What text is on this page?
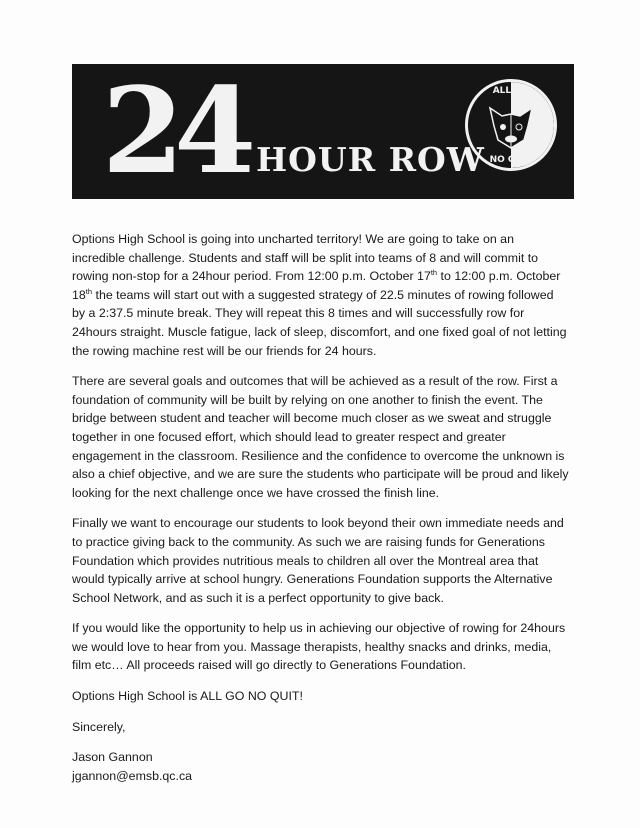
24 HOUR ROW
ALL GO
NO QUIT

Options High School is going into uncharted territory! We are going to take on an incredible challenge. Students and staff will be split into teams of 8 and will commit to rowing non-stop for a 24hour period. From 12:00 p.m. October 17th to 12:00 p.m. October 18th the teams will start out with a suggested strategy of 22.5 minutes of rowing followed by a 2:37.5 minute break. They will repeat this 8 times and will successfully row for 24hours straight. Muscle fatigue, lack of sleep, discomfort, and one fixed goal of not letting the rowing machine rest will be our friends for 24 hours.

There are several goals and outcomes that will be achieved as a result of the row. First a foundation of community will be built by relying on one another to finish the event. The bridge between student and teacher will become much closer as we sweat and struggle together in one focused effort, which should lead to greater respect and greater engagement in the classroom. Resilience and the confidence to overcome the unknown is also a chief objective, and we are sure the students who participate will be proud and likely looking for the next challenge once we have crossed the finish line.

Finally we want to encourage our students to look beyond their own immediate needs and to practice giving back to the community. As such we are raising funds for Generations Foundation which provides nutritious meals to children all over the Montreal area that would typically arrive at school hungry. Generations Foundation supports the Alternative School Network, and as such it is a perfect opportunity to give back.

If you would like the opportunity to help us in achieving our objective of rowing for 24hours we would love to hear from you. Massage therapists, healthy snacks and drinks, media, film etc… All proceeds raised will go directly to Generations Foundation.

Options High School is ALL GO NO QUIT!

Sincerely,

Jason Gannon

jgannon@emsb.qc.ca
